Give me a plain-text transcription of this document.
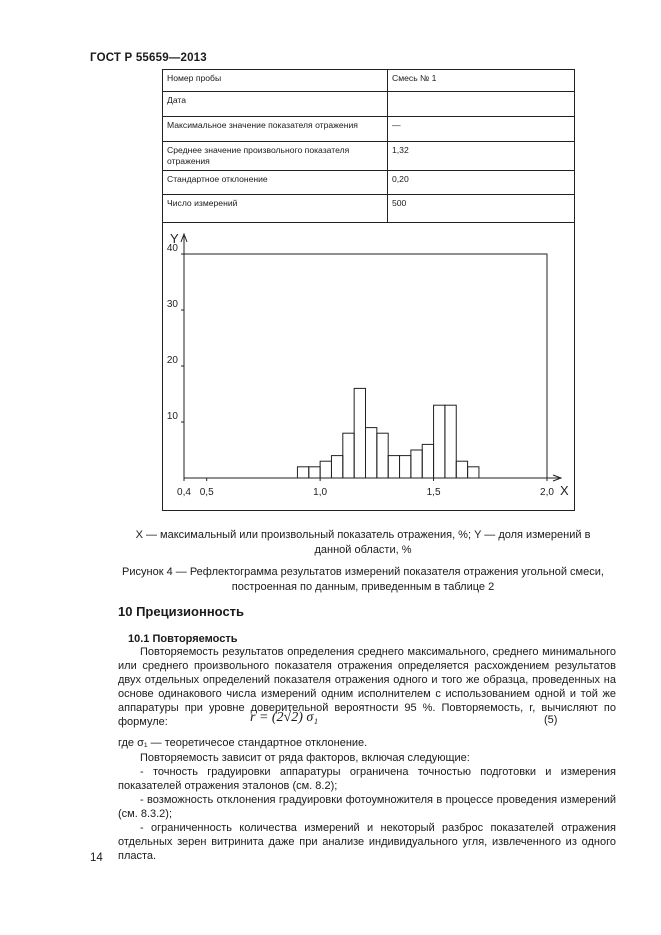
ГОСТ Р 55659—2013
Номер пробы	Смесь № 1
Дата	
Максимальное значение показателя отражения	—
Среднее значение произвольного показателя отражения	1,32
Стандартное отклонение	0,20
Число измерений	500
Y
X
10
20
30
40
0,4 0,5	1,0	1,5	2,0
X — максимальный или произвольный показатель отражения, %; Y — доля измерений в данной области, %
Рисунок 4 — Рефлектограмма результатов измерений показателя отражения угольной смеси, построенная по данным, приведенным в таблице 2
10 Прецизионность
10.1 Повторяемость
Повторяемость результатов определения среднего максимального, среднего минимального или среднего произвольного показателя отражения определяется расхождением результатов двух отдельных определений показателя отражения одного и того же образца, проведенных на основе одинакового числа измерений одним исполнителем с использованием одной и той же аппаратуры при уровне доверительной вероятности 95 %. Повторяемость, r, вычисляют по формуле:	r = (2√2) σ₁	(5)
где σ₁ — теоретичесое стандартное отклонение.
Повторяемость зависит от ряда факторов, включая следующие:
- точность градуировки аппаратуры ограничена точностью подготовки и измерения показателей отражения эталонов (см. 8.2);
- возможность отклонения градуировки фотоумножителя в процессе проведения измерений (см. 8.3.2);
- ограниченность количества измерений и некоторый разброс показателей отражения отдельных зерен витринита даже при анализе индивидуального угля, извлеченного из одного пласта.
14
